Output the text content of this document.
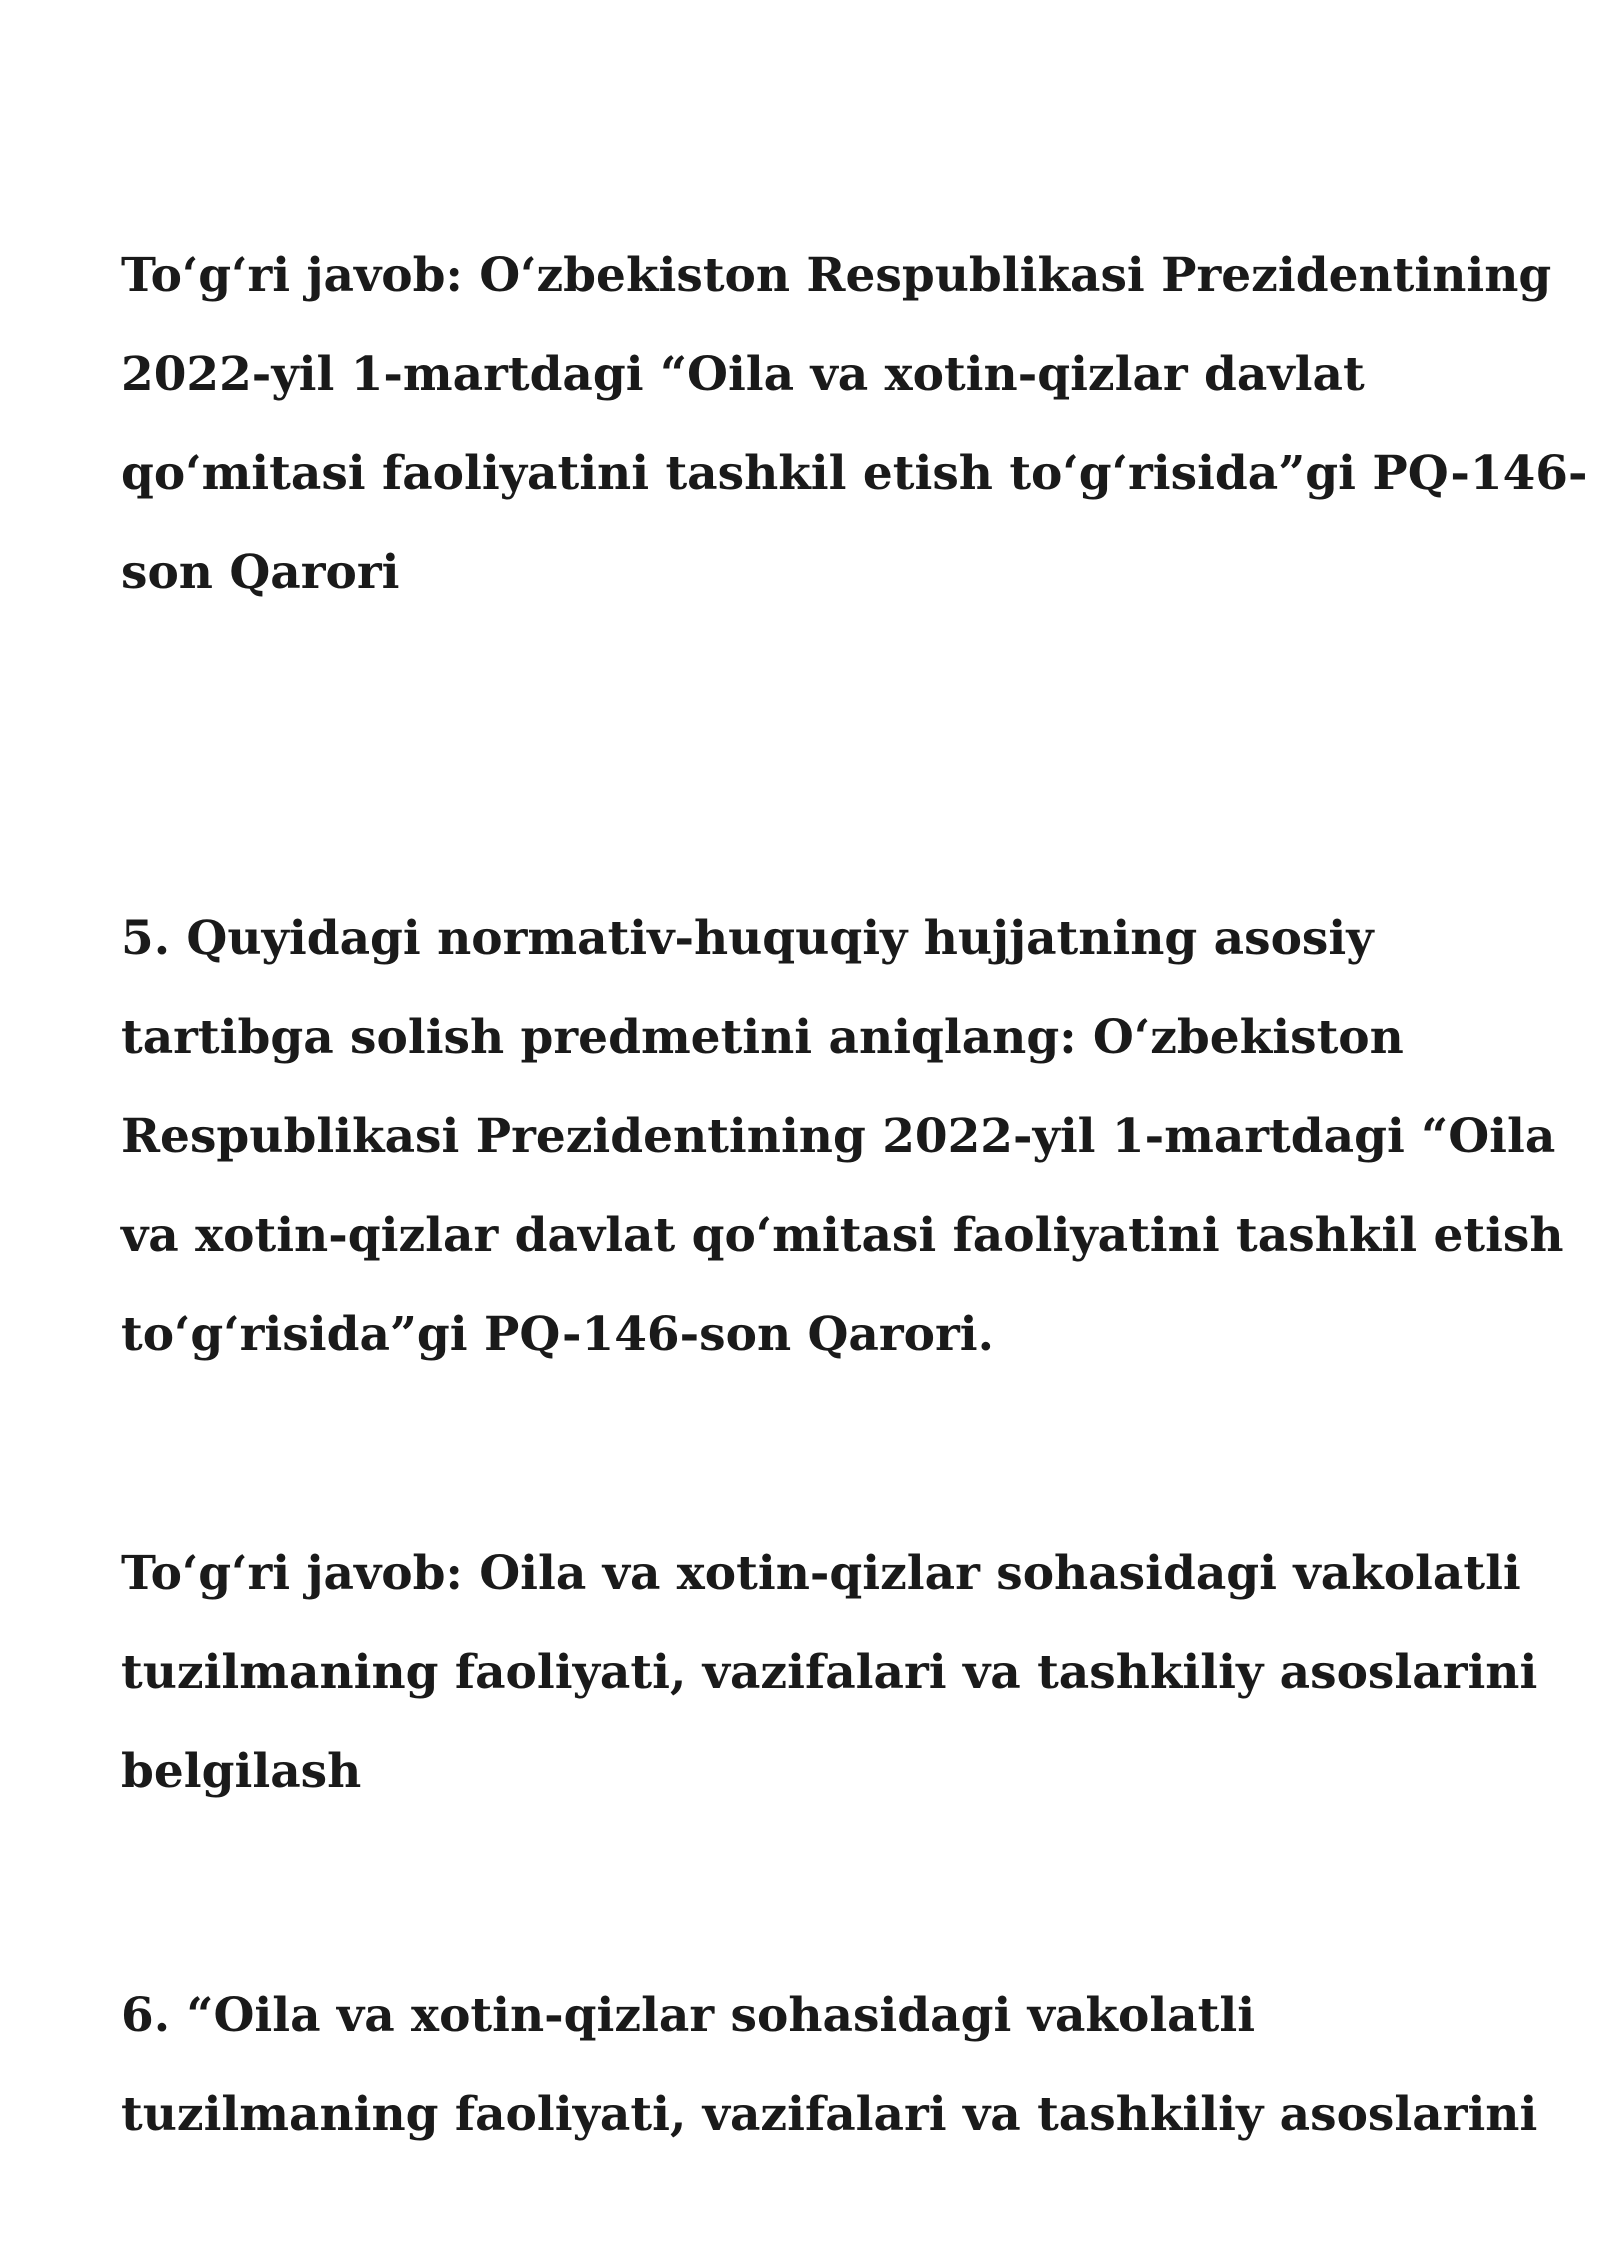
To‘g‘ri javob: O‘zbekiston Respublikasi Prezidentining
2022-yil 1-martdagi “Oila va xotin-qizlar davlat
qo‘mitasi faoliyatini tashkil etish to‘g‘risida”gi PQ-146-
son Qarori

5. Quyidagi normativ-huquqiy hujjatning asosiy
tartibga solish predmetini aniqlang: O‘zbekiston
Respublikasi Prezidentining 2022-yil 1-martdagi “Oila
va xotin-qizlar davlat qo‘mitasi faoliyatini tashkil etish
to‘g‘risida”gi PQ-146-son Qarori.

To‘g‘ri javob: Oila va xotin-qizlar sohasidagi vakolatli
tuzilmaning faoliyati, vazifalari va tashkiliy asoslarini
belgilash

6. “Oila va xotin-qizlar sohasidagi vakolatli
tuzilmaning faoliyati, vazifalari va tashkiliy asoslarini
